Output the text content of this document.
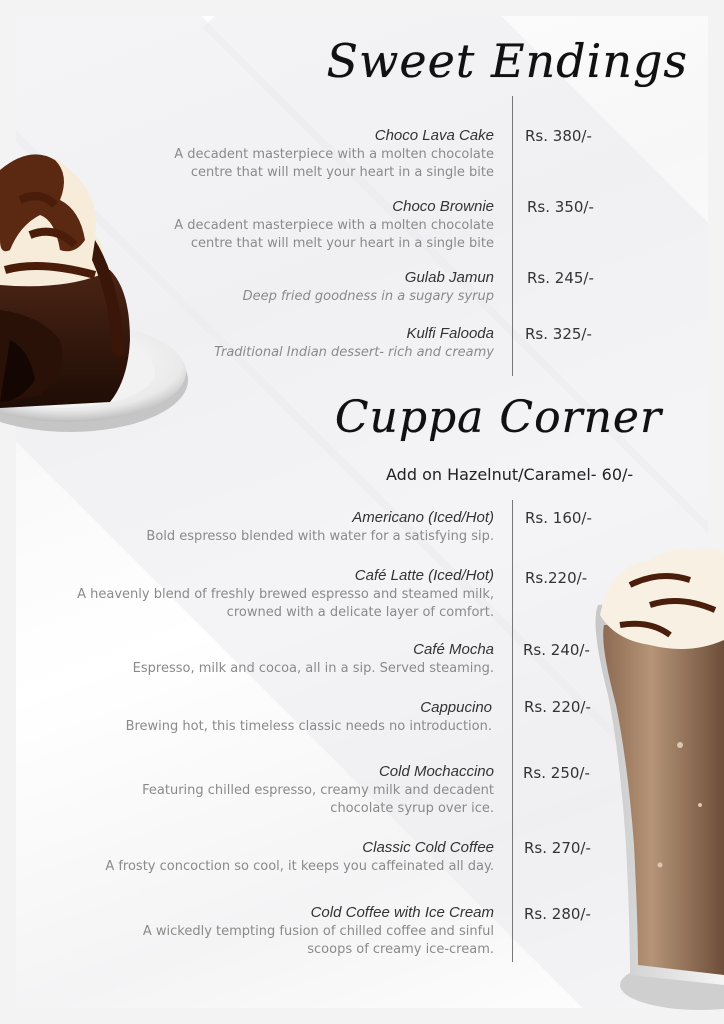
Sweet Endings
Choco Lava Cake
A decadent masterpiece with a molten chocolate
centre that will melt your heart in a single bite
Rs. 380/-
Choco Brownie
A decadent masterpiece with a molten chocolate
centre that will melt your heart in a single bite
Rs. 350/-
Gulab Jamun
Deep fried goodness in a sugary syrup
Rs. 245/-
Kulfi Falooda
Traditional Indian dessert- rich and creamy
Rs. 325/-
Cuppa Corner
Add on Hazelnut/Caramel- 60/-
Americano (Iced/Hot)
Bold espresso blended with water for a satisfying sip.
Rs. 160/-
Café Latte (Iced/Hot)
A heavenly blend of freshly brewed espresso and steamed milk,
crowned with a delicate layer of comfort.
Rs.220/-
Café Mocha
Espresso, milk and cocoa, all in a sip. Served steaming.
Rs. 240/-
Cappucino
Brewing hot, this timeless classic needs no introduction.
Rs. 220/-
Cold Mochaccino
Featuring chilled espresso, creamy milk and decadent
chocolate syrup over ice.
Rs. 250/-
Classic Cold Coffee
A frosty concoction so cool, it keeps you caffeinated all day.
Rs. 270/-
Cold Coffee with Ice Cream
A wickedly tempting fusion of chilled coffee and sinful
scoops of creamy ice-cream.
Rs. 280/-
